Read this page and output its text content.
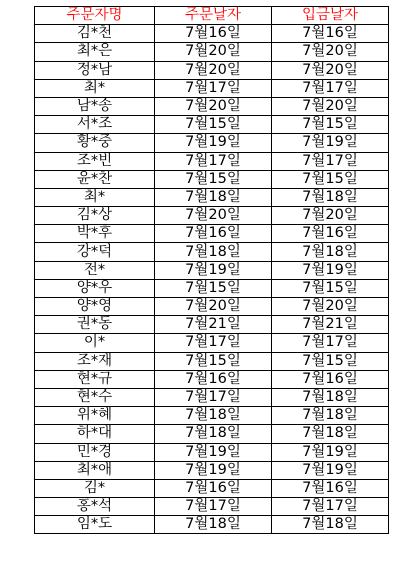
주문자명	주문날자	입금날자
김*천	7월16일	7월16일
최*은	7월20일	7월20일
정*남	7월20일	7월20일
최*	7월17일	7월17일
남*송	7월20일	7월20일
서*조	7월15일	7월15일
황*중	7월19일	7월19일
조*빈	7월17일	7월17일
윤*찬	7월15일	7월15일
최*	7월18일	7월18일
김*상	7월20일	7월20일
박*후	7월16일	7월16일
강*덕	7월18일	7월18일
전*	7월19일	7월19일
양*우	7월15일	7월15일
양*영	7월20일	7월20일
권*동	7월21일	7월21일
이*	7월17일	7월17일
조*재	7월15일	7월15일
현*규	7월16일	7월16일
현*수	7월17일	7월18일
위*혜	7월18일	7월18일
하*대	7월18일	7월18일
민*경	7월19일	7월19일
최*애	7월19일	7월19일
김*	7월16일	7월16일
홍*석	7월17일	7월17일
임*도	7월18일	7월18일
